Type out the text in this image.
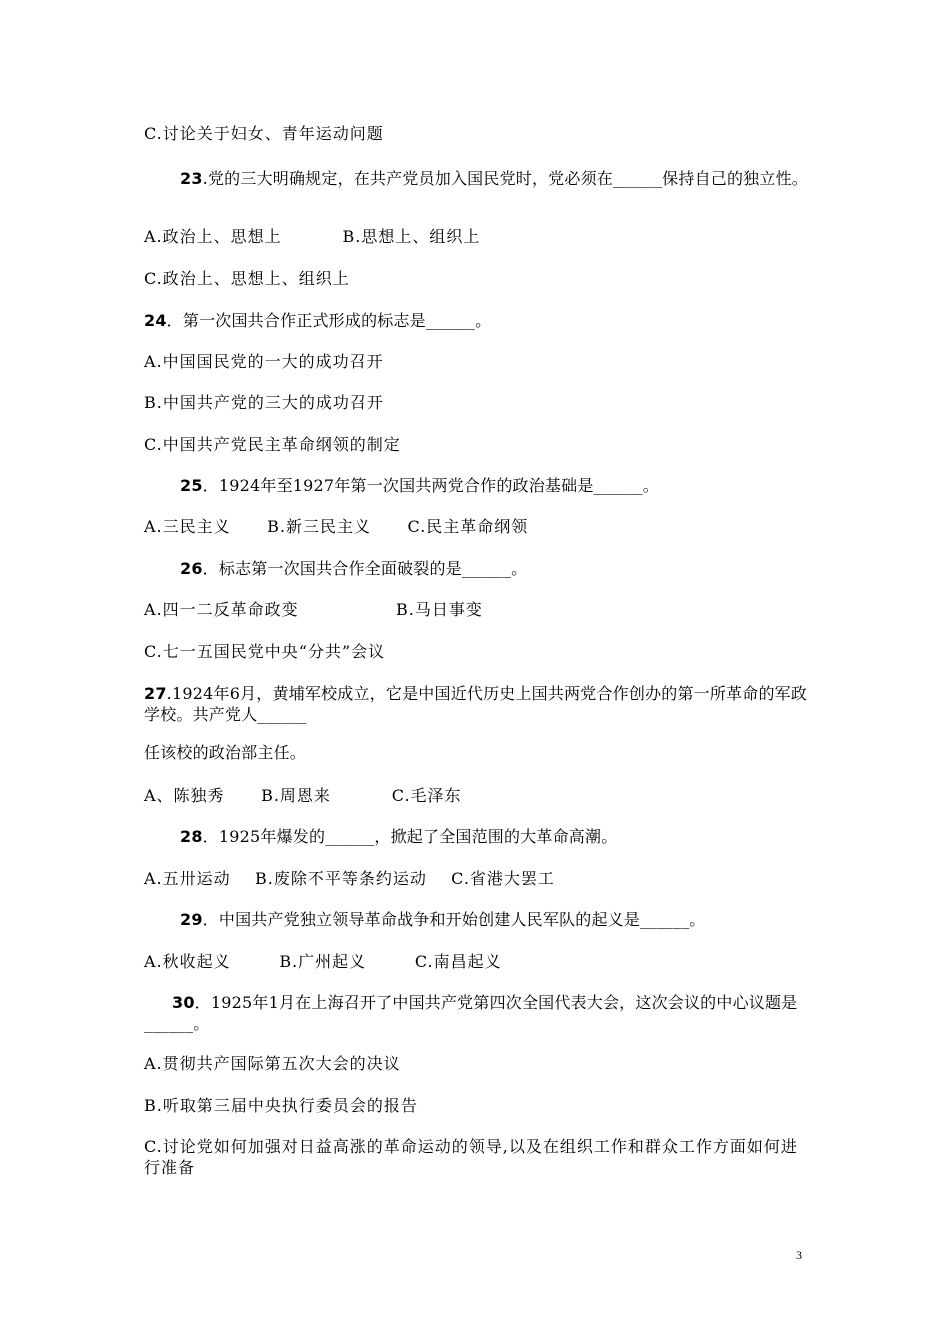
C.讨论关于妇女、青年运动问题

23.党的三大明确规定，在共产党员加入国民党时，党必须在______保持自己的独立性。

A.政治上、思想上          B.思想上、组织上

C.政治上、思想上、组织上

24．第一次国共合作正式形成的标志是______。

A.中国国民党的一大的成功召开

B.中国共产党的三大的成功召开

C.中国共产党民主革命纲领的制定

25．1924年至1927年第一次国共两党合作的政治基础是______。

A.三民主义      B.新三民主义      C.民主革命纲领

26．标志第一次国共合作全面破裂的是______。

A.四一二反革命政变                B.马日事变

C.七一五国民党中央“分共”会议

27.1924年6月，黄埔军校成立，它是中国近代历史上国共两党合作创办的第一所革命的军政学校。共产党人______

任该校的政治部主任。

A、陈独秀      B.周恩来          C.毛泽东

28．1925年爆发的______，掀起了全国范围的大革命高潮。

A.五卅运动    B.废除不平等条约运动    C.省港大罢工

29．中国共产党独立领导革命战争和开始创建人民军队的起义是______。

A.秋收起义        B.广州起义        C.南昌起义

30．1925年1月在上海召开了中国共产党第四次全国代表大会，这次会议的中心议题是______。

A.贯彻共产国际第五次大会的决议

B.听取第三届中央执行委员会的报告

C.讨论党如何加强对日益高涨的革命运动的领导,以及在组织工作和群众工作方面如何进行准备

3
